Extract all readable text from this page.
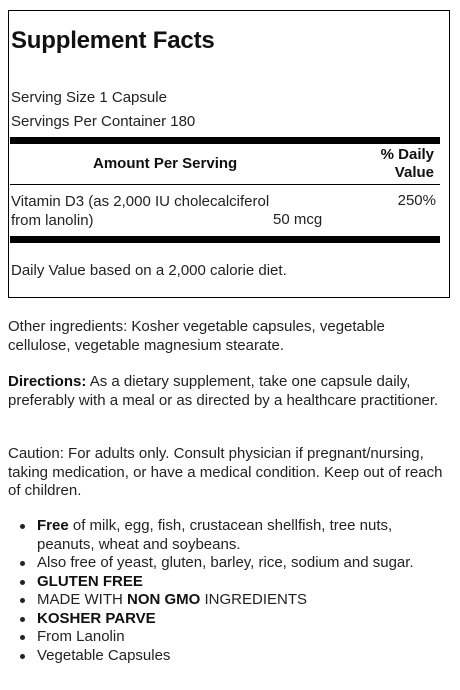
Supplement Facts
Serving Size 1 Capsule
Servings Per Container 180
Amount Per Serving
% Daily
Value
Vitamin D3 (as 2,000 IU cholecalciferol
from lanolin)	50 mcg
250%
Daily Value based on a 2,000 calorie diet.
Other ingredients: Kosher vegetable capsules, vegetable cellulose, vegetable magnesium stearate.
Directions: As a dietary supplement, take one capsule daily, preferably with a meal or as directed by a healthcare practitioner.
Caution: For adults only. Consult physician if pregnant/nursing, taking medication, or have a medical condition. Keep out of reach of children.
Free of milk, egg, fish, crustacean shellfish, tree nuts, peanuts, wheat and soybeans.
Also free of yeast, gluten, barley, rice, sodium and sugar.
GLUTEN FREE
MADE WITH NON GMO INGREDIENTS
KOSHER PARVE
From Lanolin
Vegetable Capsules
